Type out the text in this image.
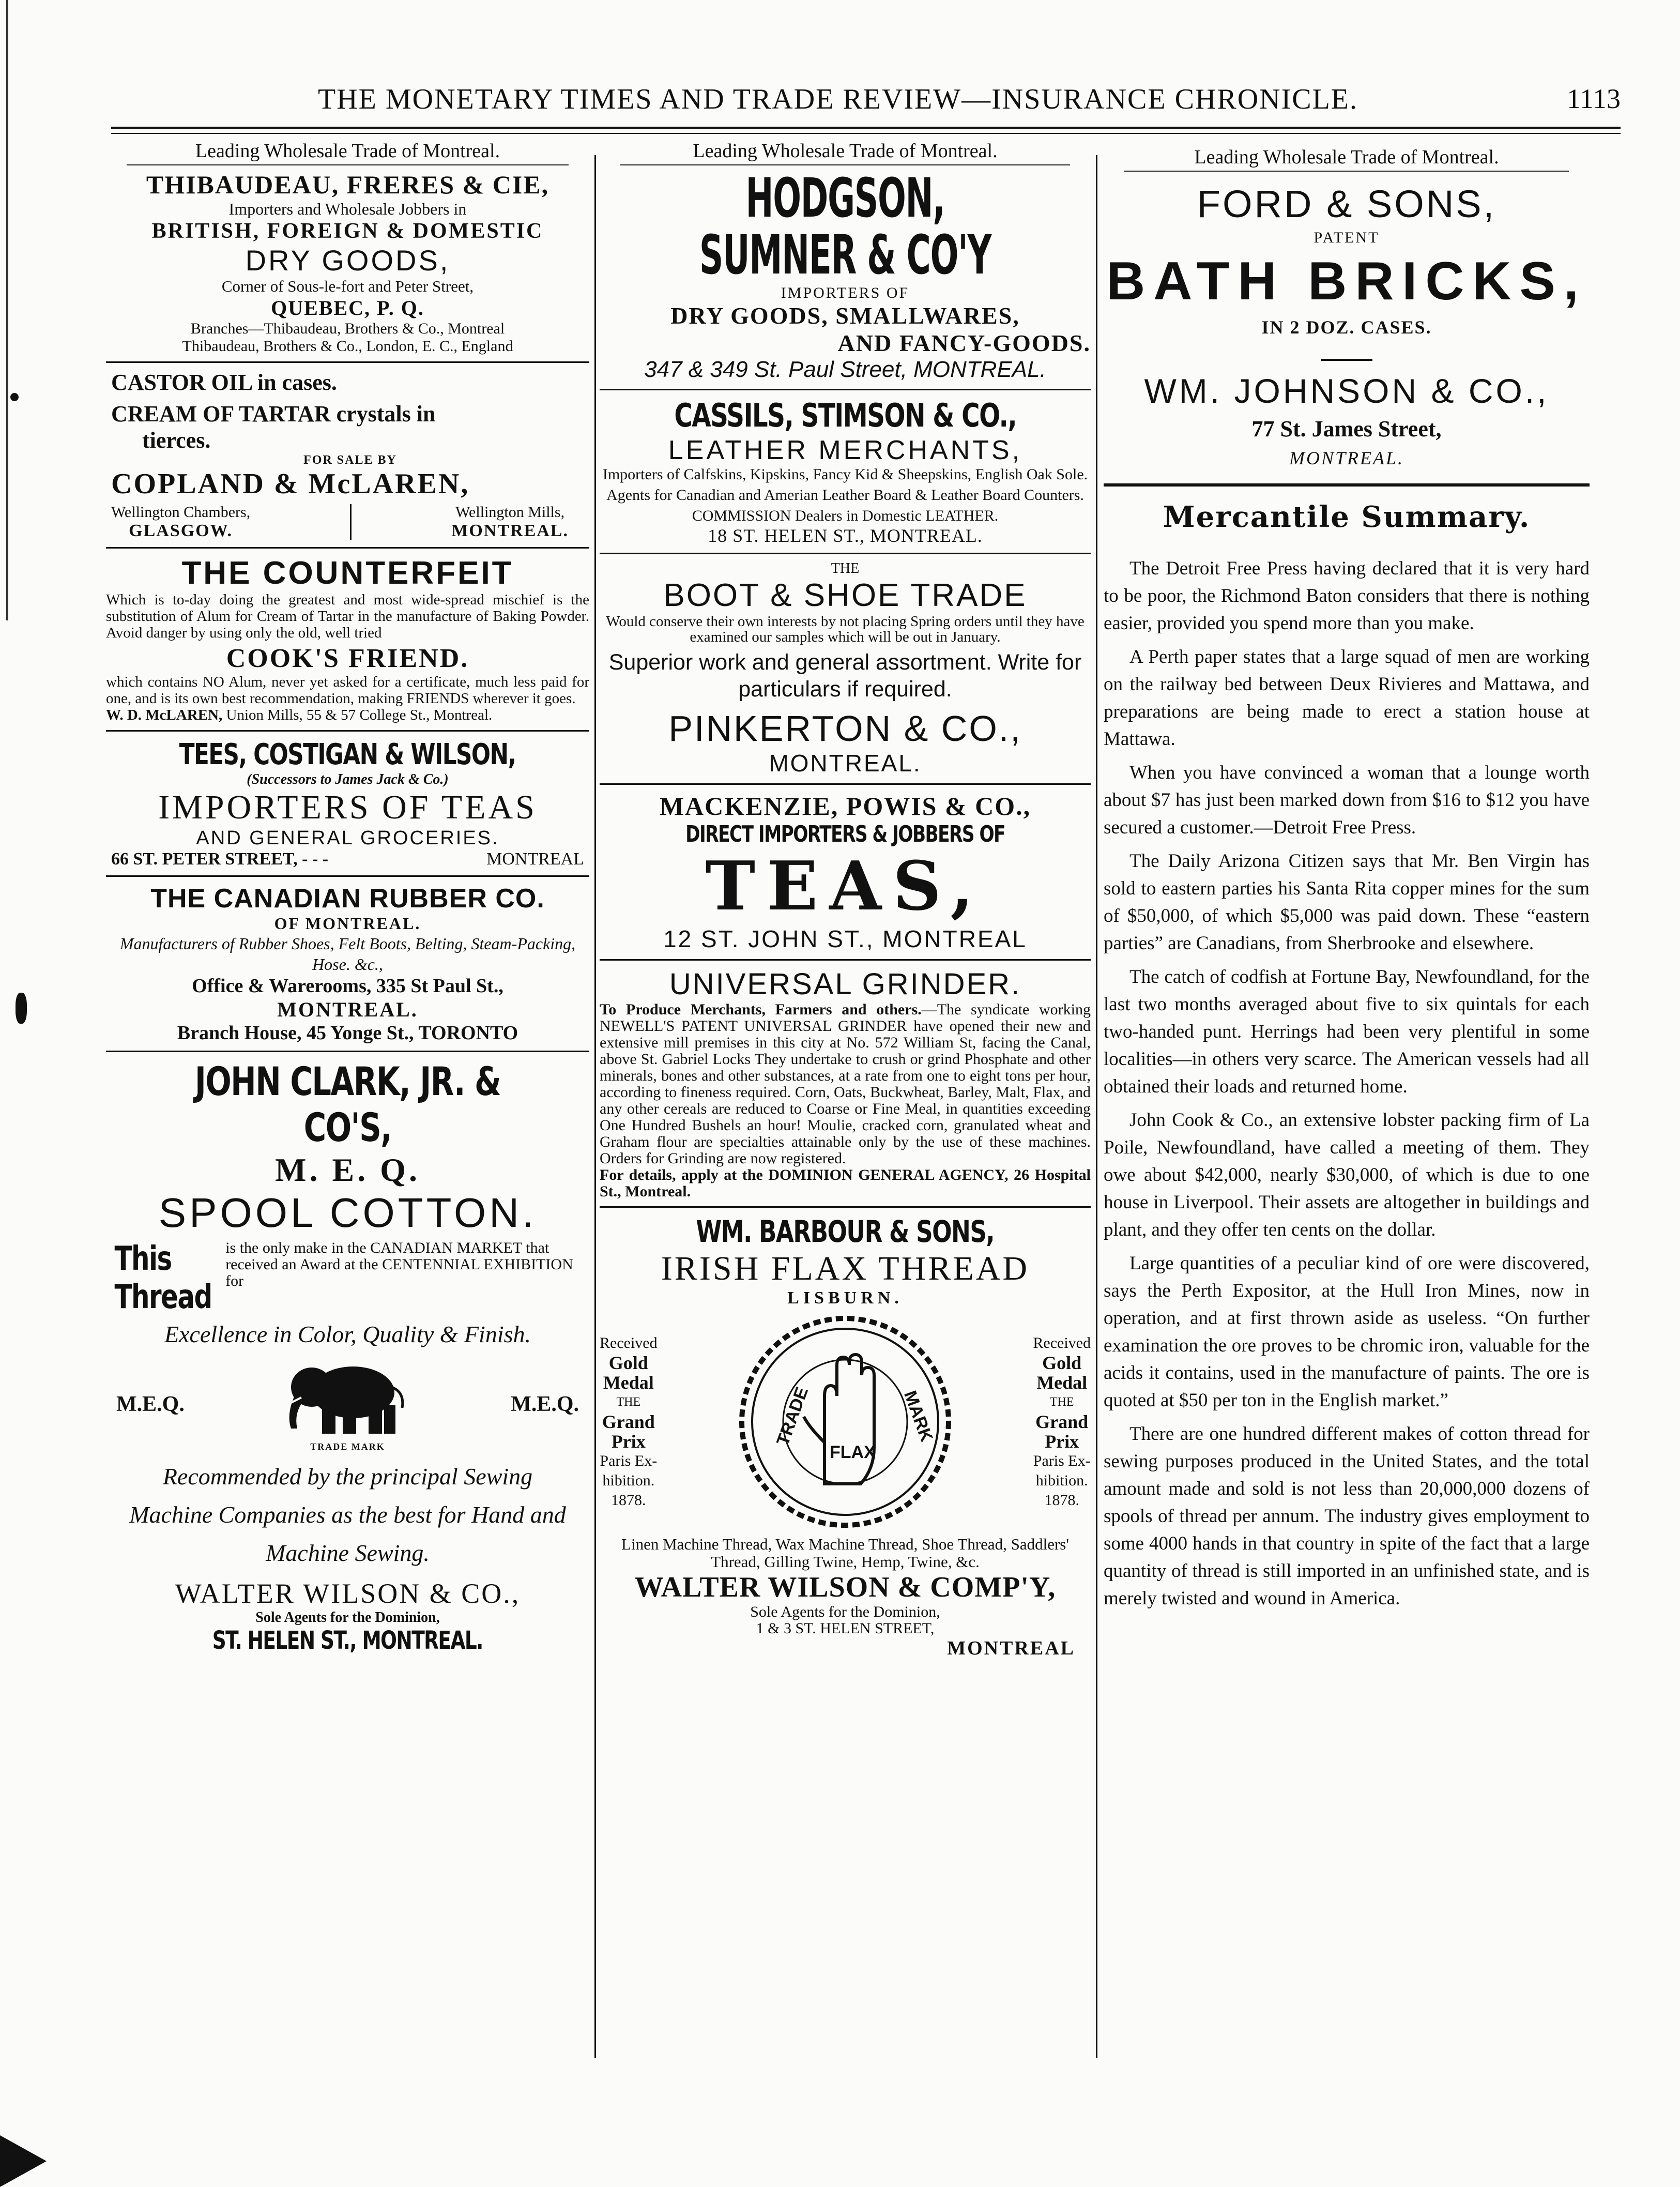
THE MONETARY TIMES AND TRADE REVIEW—INSURANCE CHRONICLE.	1113
Leading Wholesale Trade of Montreal.
THIBAUDEAU, FRERES & CIE,
Importers and Wholesale Jobbers in
BRITISH, FOREIGN & DOMESTIC
DRY GOODS,
Corner of Sous-le-fort and Peter Street,
QUEBEC, P. Q.
Branches—Thibaudeau, Brothers & Co., Montreal
Thibaudeau, Brothers & Co., London, E. C., England
CASTOR OIL in cases.
CREAM OF TARTAR crystals in
tierces.
FOR SALE BY
COPLAND & McLAREN,
Wellington Chambers,
GLASGOW.
Wellington Mills,
MONTREAL.
THE COUNTERFEIT
Which is to-day doing the greatest and most wide-spread mischief is the substitution of Alum for Cream of Tartar in the manufacture of Baking Powder. Avoid danger by using only the old, well tried
COOK'S FRIEND.
which contains NO Alum, never yet asked for a certificate, much less paid for one, and is its own best recommendation, making FRIENDS wherever it goes.
W. D. McLAREN, Union Mills, 55 & 57 College St., Montreal.
TEES, COSTIGAN & WILSON,
(Successors to James Jack & Co.)
IMPORTERS OF TEAS
AND GENERAL GROCERIES.
66 ST. PETER STREET, - - -	MONTREAL
THE CANADIAN RUBBER CO.
OF MONTREAL.
Manufacturers of Rubber Shoes, Felt Boots, Belting, Steam-Packing, Hose. &c.,
Office & Warerooms, 335 St Paul St.,
MONTREAL.
Branch House, 45 Yonge St., TORONTO
JOHN CLARK, JR. & CO'S,
M. E. Q.
SPOOL COTTON.
This Thread
is the only make in the CANADIAN MARKET that received an Award at the CENTENNIAL EXHIBITION for
Excellence in Color, Quality & Finish.
M.E.Q.
TRADE MARK
M.E.Q.
Recommended by the principal Sewing Machine Companies as the best for Hand and Machine Sewing.
WALTER WILSON & CO.,
Sole Agents for the Dominion,
ST. HELEN ST., MONTREAL.
Leading Wholesale Trade of Montreal.
HODGSON, SUMNER & CO'Y
IMPORTERS OF
DRY GOODS, SMALLWARES,
AND FANCY-GOODS.
347 & 349 St. Paul Street, MONTREAL.
CASSILS, STIMSON & CO.,
LEATHER MERCHANTS,
Importers of Calfskins, Kipskins, Fancy Kid & Sheepskins, English Oak Sole.
Agents for Canadian and Amerian Leather Board & Leather Board Counters.
COMMISSION Dealers in Domestic LEATHER.
18 ST. HELEN ST., MONTREAL.
THE
BOOT & SHOE TRADE
Would conserve their own interests by not placing Spring orders until they have examined our samples which will be out in January.
Superior work and general assortment. Write for particulars if required.
PINKERTON & CO.,
MONTREAL.
MACKENZIE, POWIS & CO.,
DIRECT IMPORTERS & JOBBERS OF
TEAS,
12 ST. JOHN ST., MONTREAL
UNIVERSAL GRINDER.
To Produce Merchants, Farmers and others.—The syndicate working NEWELL'S PATENT UNIVERSAL GRINDER have opened their new and extensive mill premises in this city at No. 572 William St, facing the Canal, above St. Gabriel Locks They undertake to crush or grind Phosphate and other minerals, bones and other substances, at a rate from one to eight tons per hour, according to fineness required. Corn, Oats, Buckwheat, Barley, Malt, Flax, and any other cereals are reduced to Coarse or Fine Meal, in quantities exceeding One Hundred Bushels an hour! Moulie, cracked corn, granulated wheat and Graham flour are specialties attainable only by the use of these machines. Orders for Grinding are now registered.
For details, apply at the DOMINION GENERAL AGENCY, 26 Hospital St., Montreal.
WM. BARBOUR & SONS,
IRISH FLAX THREAD
LISBURN.
Received
Gold
Medal
THE
Grand
Prix
Paris Ex-
hibition.
1878.
FLAX
TRADE	MARK
Received
Gold
Medal
THE
Grand
Prix
Paris Ex-
hibition.
1878.
Linen Machine Thread, Wax Machine Thread, Shoe Thread, Saddlers' Thread, Gilling Twine, Hemp, Twine, &c.
WALTER WILSON & COMP'Y,
Sole Agents for the Dominion,
1 & 3 ST. HELEN STREET,
MONTREAL
Leading Wholesale Trade of Montreal.
FORD & SONS,
PATENT
BATH BRICKS,
IN 2 DOZ. CASES.
WM. JOHNSON & CO.,
77 St. James Street,
MONTREAL.
Mercantile Summary.

The Detroit Free Press having declared that it is very hard to be poor, the Richmond Baton considers that there is nothing easier, provided you spend more than you make.

A Perth paper states that a large squad of men are working on the railway bed between Deux Rivieres and Mattawa, and preparations are being made to erect a station house at Mattawa.

When you have convinced a woman that a lounge worth about $7 has just been marked down from $16 to $12 you have secured a customer.—Detroit Free Press.

The Daily Arizona Citizen says that Mr. Ben Virgin has sold to eastern parties his Santa Rita copper mines for the sum of $50,000, of which $5,000 was paid down. These “eastern parties” are Canadians, from Sherbrooke and elsewhere.

The catch of codfish at Fortune Bay, Newfoundland, for the last two months averaged about five to six quintals for each two-handed punt. Herrings had been very plentiful in some localities—in others very scarce. The American vessels had all obtained their loads and returned home.

John Cook & Co., an extensive lobster packing firm of La Poile, Newfoundland, have called a meeting of them. They owe about $42,000, nearly $30,000, of which is due to one house in Liverpool. Their assets are altogether in buildings and plant, and they offer ten cents on the dollar.

Large quantities of a peculiar kind of ore were discovered, says the Perth Expositor, at the Hull Iron Mines, now in operation, and at first thrown aside as useless. “On further examination the ore proves to be chromic iron, valuable for the acids it contains, used in the manufacture of paints. The ore is quoted at $50 per ton in the English market.”

There are one hundred different makes of cotton thread for sewing purposes produced in the United States, and the total amount made and sold is not less than 20,000,000 dozens of spools of thread per annum. The industry gives employment to some 4000 hands in that country in spite of the fact that a large quantity of thread is still imported in an unfinished state, and is merely twisted and wound in America.
